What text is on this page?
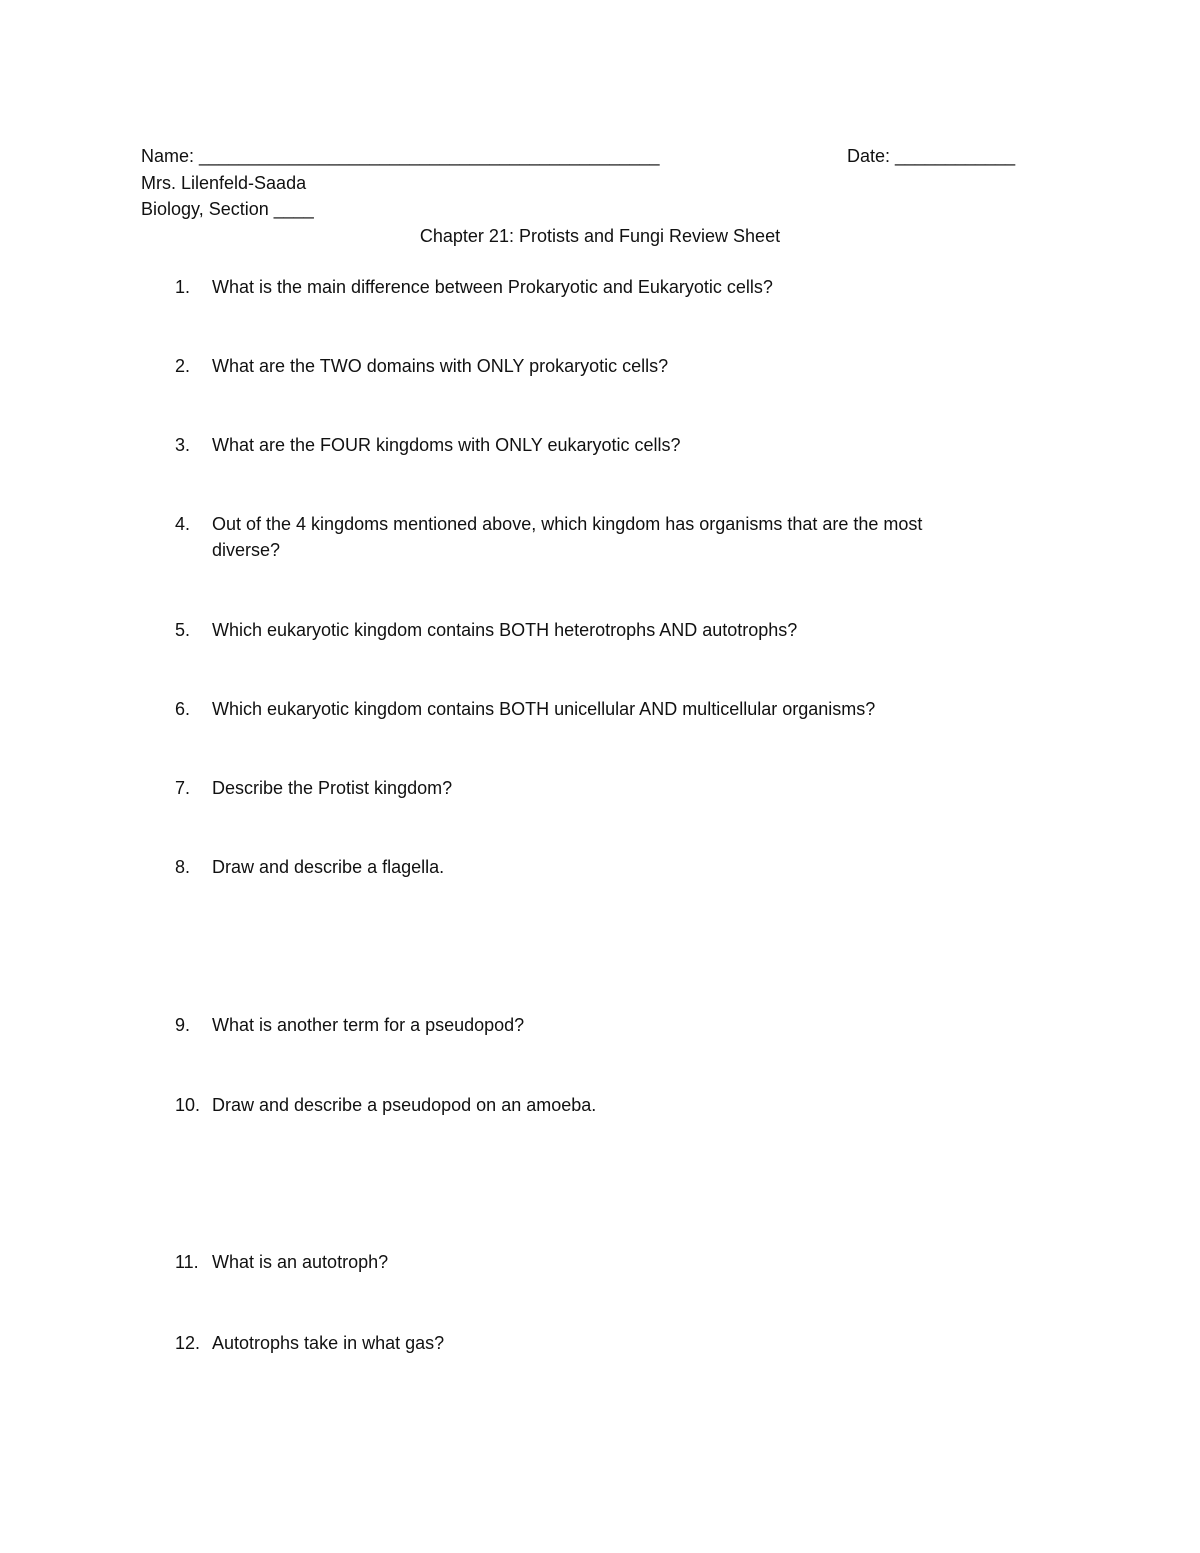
Name: ______________________________________________	Date: ____________
Mrs. Lilenfeld-Saada
Biology, Section ____
Chapter 21: Protists and Fungi Review Sheet
1.	What is the main difference between Prokaryotic and Eukaryotic cells?
2.	What are the TWO domains with ONLY prokaryotic cells?
3.	What are the FOUR kingdoms with ONLY eukaryotic cells?
4.	Out of the 4 kingdoms mentioned above, which kingdom has organisms that are the most diverse?
5.	Which eukaryotic kingdom contains BOTH heterotrophs AND autotrophs?
6.	Which eukaryotic kingdom contains BOTH unicellular AND multicellular organisms?
7.	Describe the Protist kingdom?
8.	Draw and describe a flagella.
9.	What is another term for a pseudopod?
10. Draw and describe a pseudopod on an amoeba.
11. What is an autotroph?
12. Autotrophs take in what gas?
